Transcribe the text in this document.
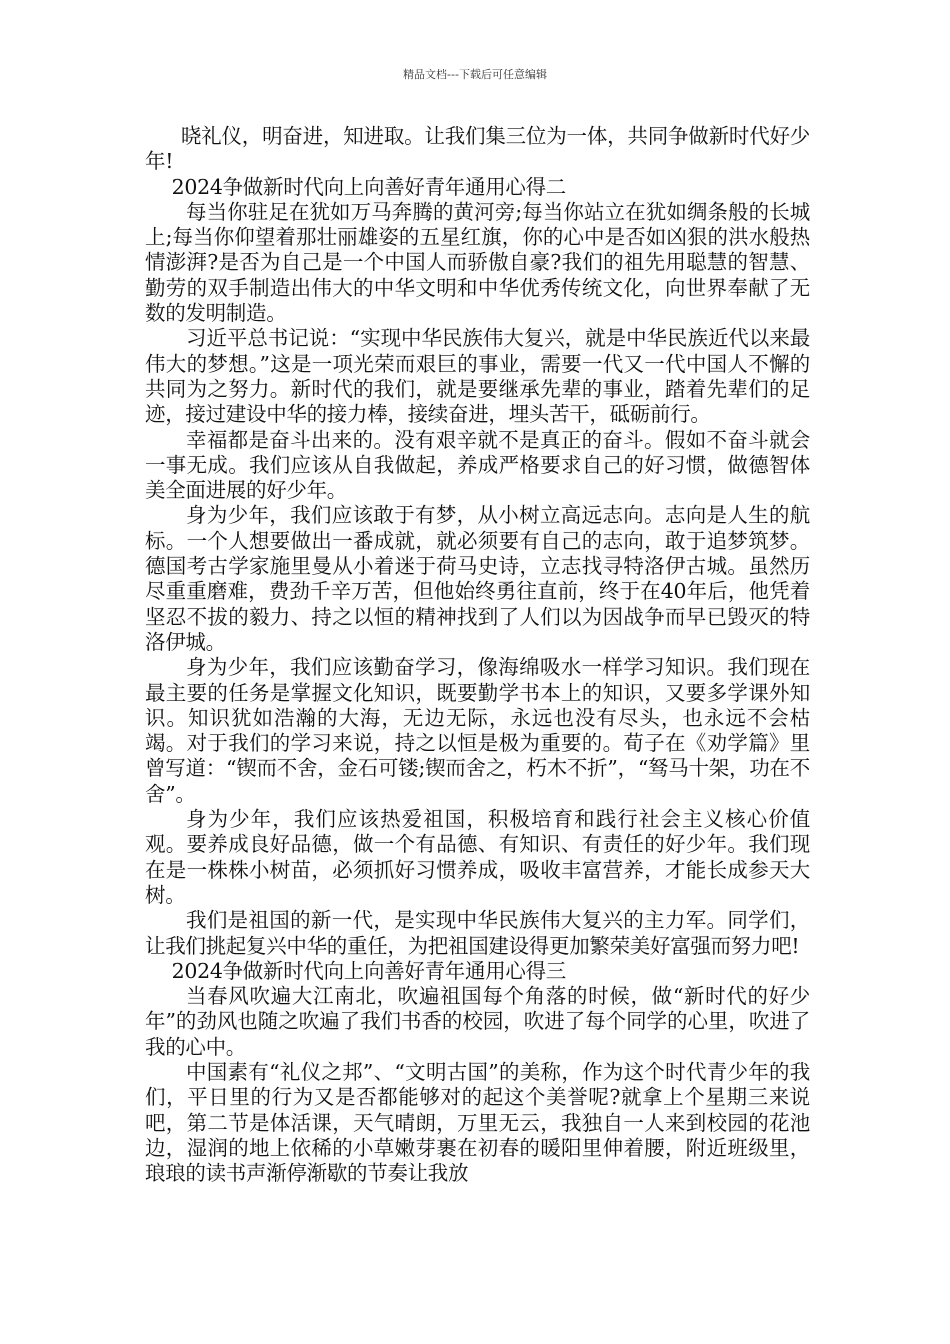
精品文档---下载后可任意编辑

晓礼仪，明奋进，知进取。让我们集三位为一体，共同争做新时代好少年!

2024争做新时代向上向善好青年通用心得二

每当你驻足在犹如万马奔腾的黄河旁;每当你站立在犹如绸条般的长城上;每当你仰望着那壮丽雄姿的五星红旗，你的心中是否如凶狠的洪水般热情澎湃?是否为自己是一个中国人而骄傲自豪?我们的祖先用聪慧的智慧、勤劳的双手制造出伟大的中华文明和中华优秀传统文化，向世界奉献了无数的发明制造。

习近平总书记说：“实现中华民族伟大复兴，就是中华民族近代以来最伟大的梦想。”这是一项光荣而艰巨的事业，需要一代又一代中国人不懈的共同为之努力。新时代的我们，就是要继承先辈的事业，踏着先辈们的足迹，接过建设中华的接力棒，接续奋进，埋头苦干，砥砺前行。

幸福都是奋斗出来的。没有艰辛就不是真正的奋斗。假如不奋斗就会一事无成。我们应该从自我做起，养成严格要求自己的好习惯，做德智体美全面进展的好少年。

身为少年，我们应该敢于有梦，从小树立高远志向。志向是人生的航标。一个人想要做出一番成就，就必须要有自己的志向，敢于追梦筑梦。德国考古学家施里曼从小着迷于荷马史诗，立志找寻特洛伊古城。虽然历尽重重磨难，费劲千辛万苦，但他始终勇往直前，终于在40年后，他凭着坚忍不拔的毅力、持之以恒的精神找到了人们以为因战争而早已毁灭的特洛伊城。

身为少年，我们应该勤奋学习，像海绵吸水一样学习知识。我们现在最主要的任务是掌握文化知识，既要勤学书本上的知识，又要多学课外知识。知识犹如浩瀚的大海，无边无际，永远也没有尽头，也永远不会枯竭。对于我们的学习来说，持之以恒是极为重要的。荀子在《劝学篇》里曾写道：“锲而不舍，金石可镂;锲而舍之，朽木不折”，“驽马十架，功在不舍”。

身为少年，我们应该热爱祖国，积极培育和践行社会主义核心价值观。要养成良好品德，做一个有品德、有知识、有责任的好少年。我们现在是一株株小树苗，必须抓好习惯养成，吸收丰富营养，才能长成参天大树。

我们是祖国的新一代，是实现中华民族伟大复兴的主力军。同学们，让我们挑起复兴中华的重任，为把祖国建设得更加繁荣美好富强而努力吧!

2024争做新时代向上向善好青年通用心得三

当春风吹遍大江南北，吹遍祖国每个角落的时候，做“新时代的好少年”的劲风也随之吹遍了我们书香的校园，吹进了每个同学的心里，吹进了我的心中。

中国素有“礼仪之邦”、“文明古国”的美称，作为这个时代青少年的我们，平日里的行为又是否都能够对的起这个美誉呢?就拿上个星期三来说吧，第二节是体活课，天气晴朗，万里无云，我独自一人来到校园的花池边，湿润的地上依稀的小草嫩芽裹在初春的暖阳里伸着腰，附近班级里，琅琅的读书声渐停渐歇的节奏让我放
